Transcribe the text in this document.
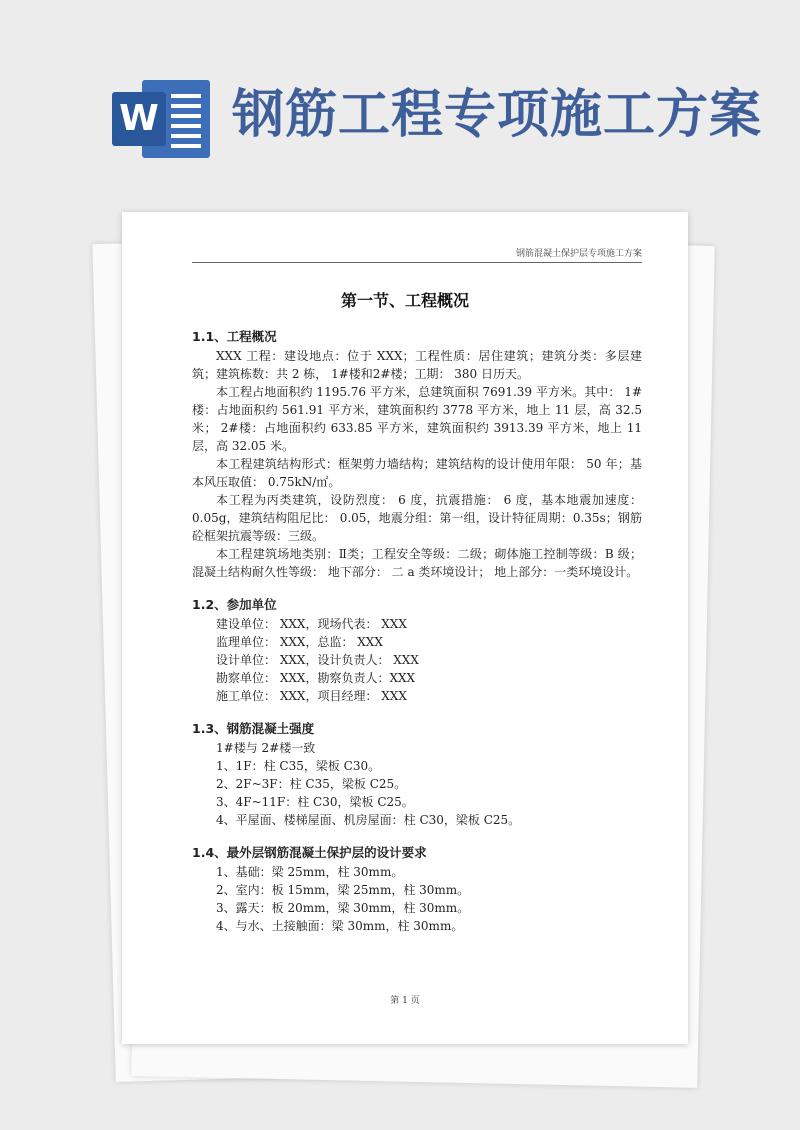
W 钢筋工程专项施工方案
钢筋混凝土保护层专项施工方案
第一节、工程概况

1.1、工程概况

XXX 工程：建设地点：位于 XXX；工程性质：居住建筑；建筑分类：多层建筑；建筑栋数：共 2 栋， 1#楼和2#楼；工期： 380 日历天。

本工程占地面积约 1195.76 平方米，总建筑面积 7691.39 平方米。其中： 1#楼：占地面积约 561.91 平方米，建筑面积约 3778 平方米，地上 11 层，高 32.5 米； 2#楼：占地面积约 633.85 平方米，建筑面积约 3913.39 平方米，地上 11 层，高 32.05 米。

本工程建筑结构形式：框架剪力墙结构；建筑结构的设计使用年限： 50 年；基本风压取值： 0.75kN/㎡。

本工程为丙类建筑，设防烈度： 6 度，抗震措施： 6 度，基本地震加速度： 0.05g，建筑结构阻尼比： 0.05，地震分组：第一组，设计特征周期：0.35s；钢筋砼框架抗震等级：三级。

本工程建筑场地类别：Ⅱ类；工程安全等级：二级；砌体施工控制等级：B 级； 混凝土结构耐久性等级： 地下部分： 二 a 类环境设计； 地上部分：一类环境设计。

1.2、参加单位

建设单位： XXX，现场代表： XXX

监理单位： XXX，总监： XXX

设计单位： XXX，设计负责人： XXX

勘察单位： XXX，勘察负责人：XXX

施工单位： XXX，项目经理： XXX

1.3、钢筋混凝土强度

1#楼与 2#楼一致

1、1F：柱 C35，梁板 C30。

2、2F~3F：柱 C35，梁板 C25。

3、4F~11F：柱 C30，梁板 C25。

4、平屋面、楼梯屋面、机房屋面：柱 C30，梁板 C25。

1.4、最外层钢筋混凝土保护层的设计要求

1、基础：梁 25mm，柱 30mm。

2、室内：板 15mm，梁 25mm，柱 30mm。

3、露天：板 20mm，梁 30mm，柱 30mm。

4、与水、土接触面：梁 30mm，柱 30mm。

第 1 页
